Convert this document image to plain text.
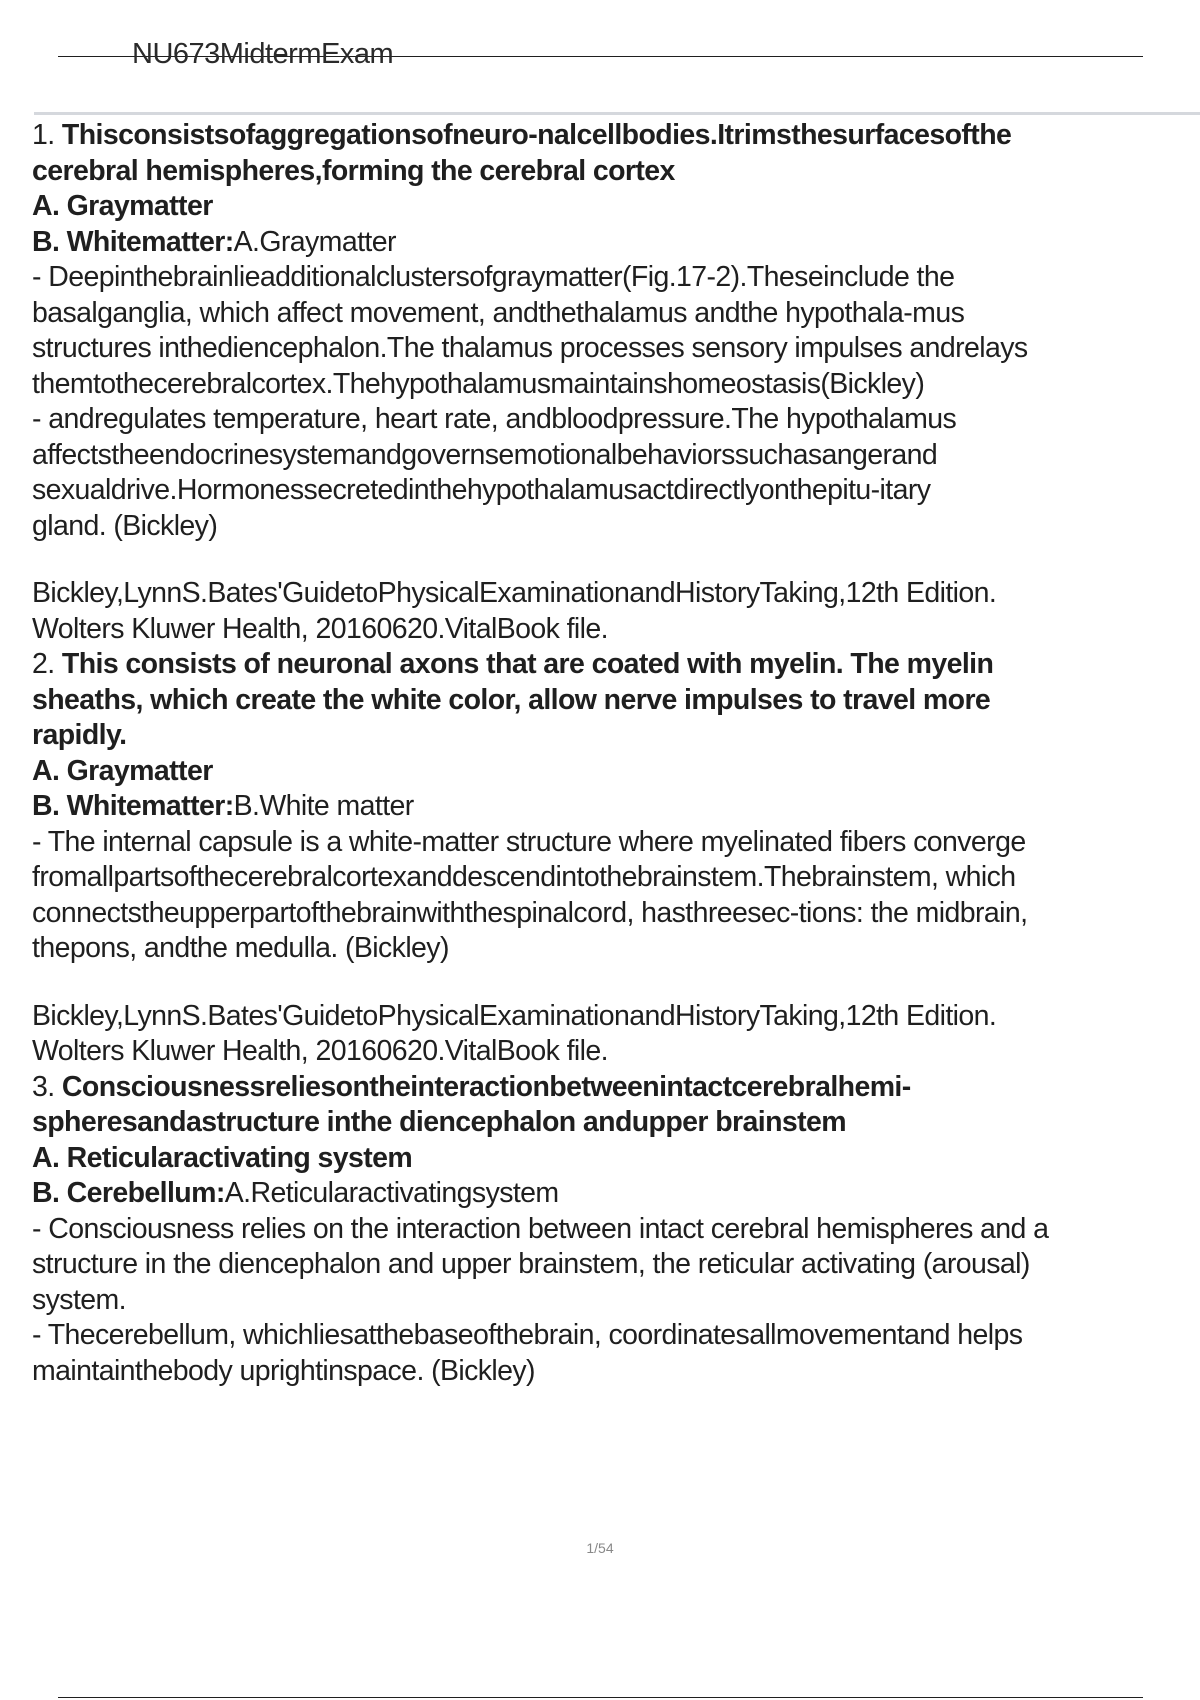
NU673MidtermExam
1. Thisconsistsofaggregationsofneuro-nalcellbodies.Itrimsthesurfacesofthe
cerebral hemispheres,forming the cerebral cortex
A. Graymatter
B. Whitematter:A.Graymatter
- Deepinthebrainlieadditionalclustersofgraymatter(Fig.17-2).Theseinclude the
basalganglia, which affect movement, andthethalamus andthe hypothala-mus
structures inthediencephalon.The thalamus processes sensory impulses andrelays
themtothecerebralcortex.Thehypothalamusmaintainshomeostasis(Bickley)
- andregulates temperature, heart rate, andbloodpressure.The hypothalamus
affectstheendocrinesystemandgovernsemotionalbehaviorssuchasangerand
sexualdrive.Hormonessecretedinthehypothalamusactdirectlyonthepitu-itary
gland. (Bickley)
Bickley,LynnS.Bates'GuidetoPhysicalExaminationandHistoryTaking,12th Edition.
Wolters Kluwer Health, 20160620.VitalBook file.
2. This consists of neuronal axons that are coated with myelin. The myelin
sheaths, which create the white color, allow nerve impulses to travel more
rapidly.
A. Graymatter
B. Whitematter:B.White matter
- The internal capsule is a white-matter structure where myelinated fibers converge
fromallpartsofthecerebralcortexanddescendintothebrainstem.Thebrainstem, which
connectstheupperpartofthebrainwiththespinalcord, hasthreesec-tions: the midbrain,
thepons, andthe medulla. (Bickley)
Bickley,LynnS.Bates'GuidetoPhysicalExaminationandHistoryTaking,12th Edition.
Wolters Kluwer Health, 20160620.VitalBook file.
3. Consciousnessreliesontheinteractionbetweenintactcerebralhemi-
spheresandastructure inthe diencephalon andupper brainstem
A. Reticularactivating system
B. Cerebellum:A.Reticularactivatingsystem
- Consciousness relies on the interaction between intact cerebral hemispheres and a
structure in the diencephalon and upper brainstem, the reticular activating (arousal)
system.
- Thecerebellum, whichliesatthebaseofthebrain, coordinatesallmovementand helps
maintainthebody uprightinspace. (Bickley)
1/54
